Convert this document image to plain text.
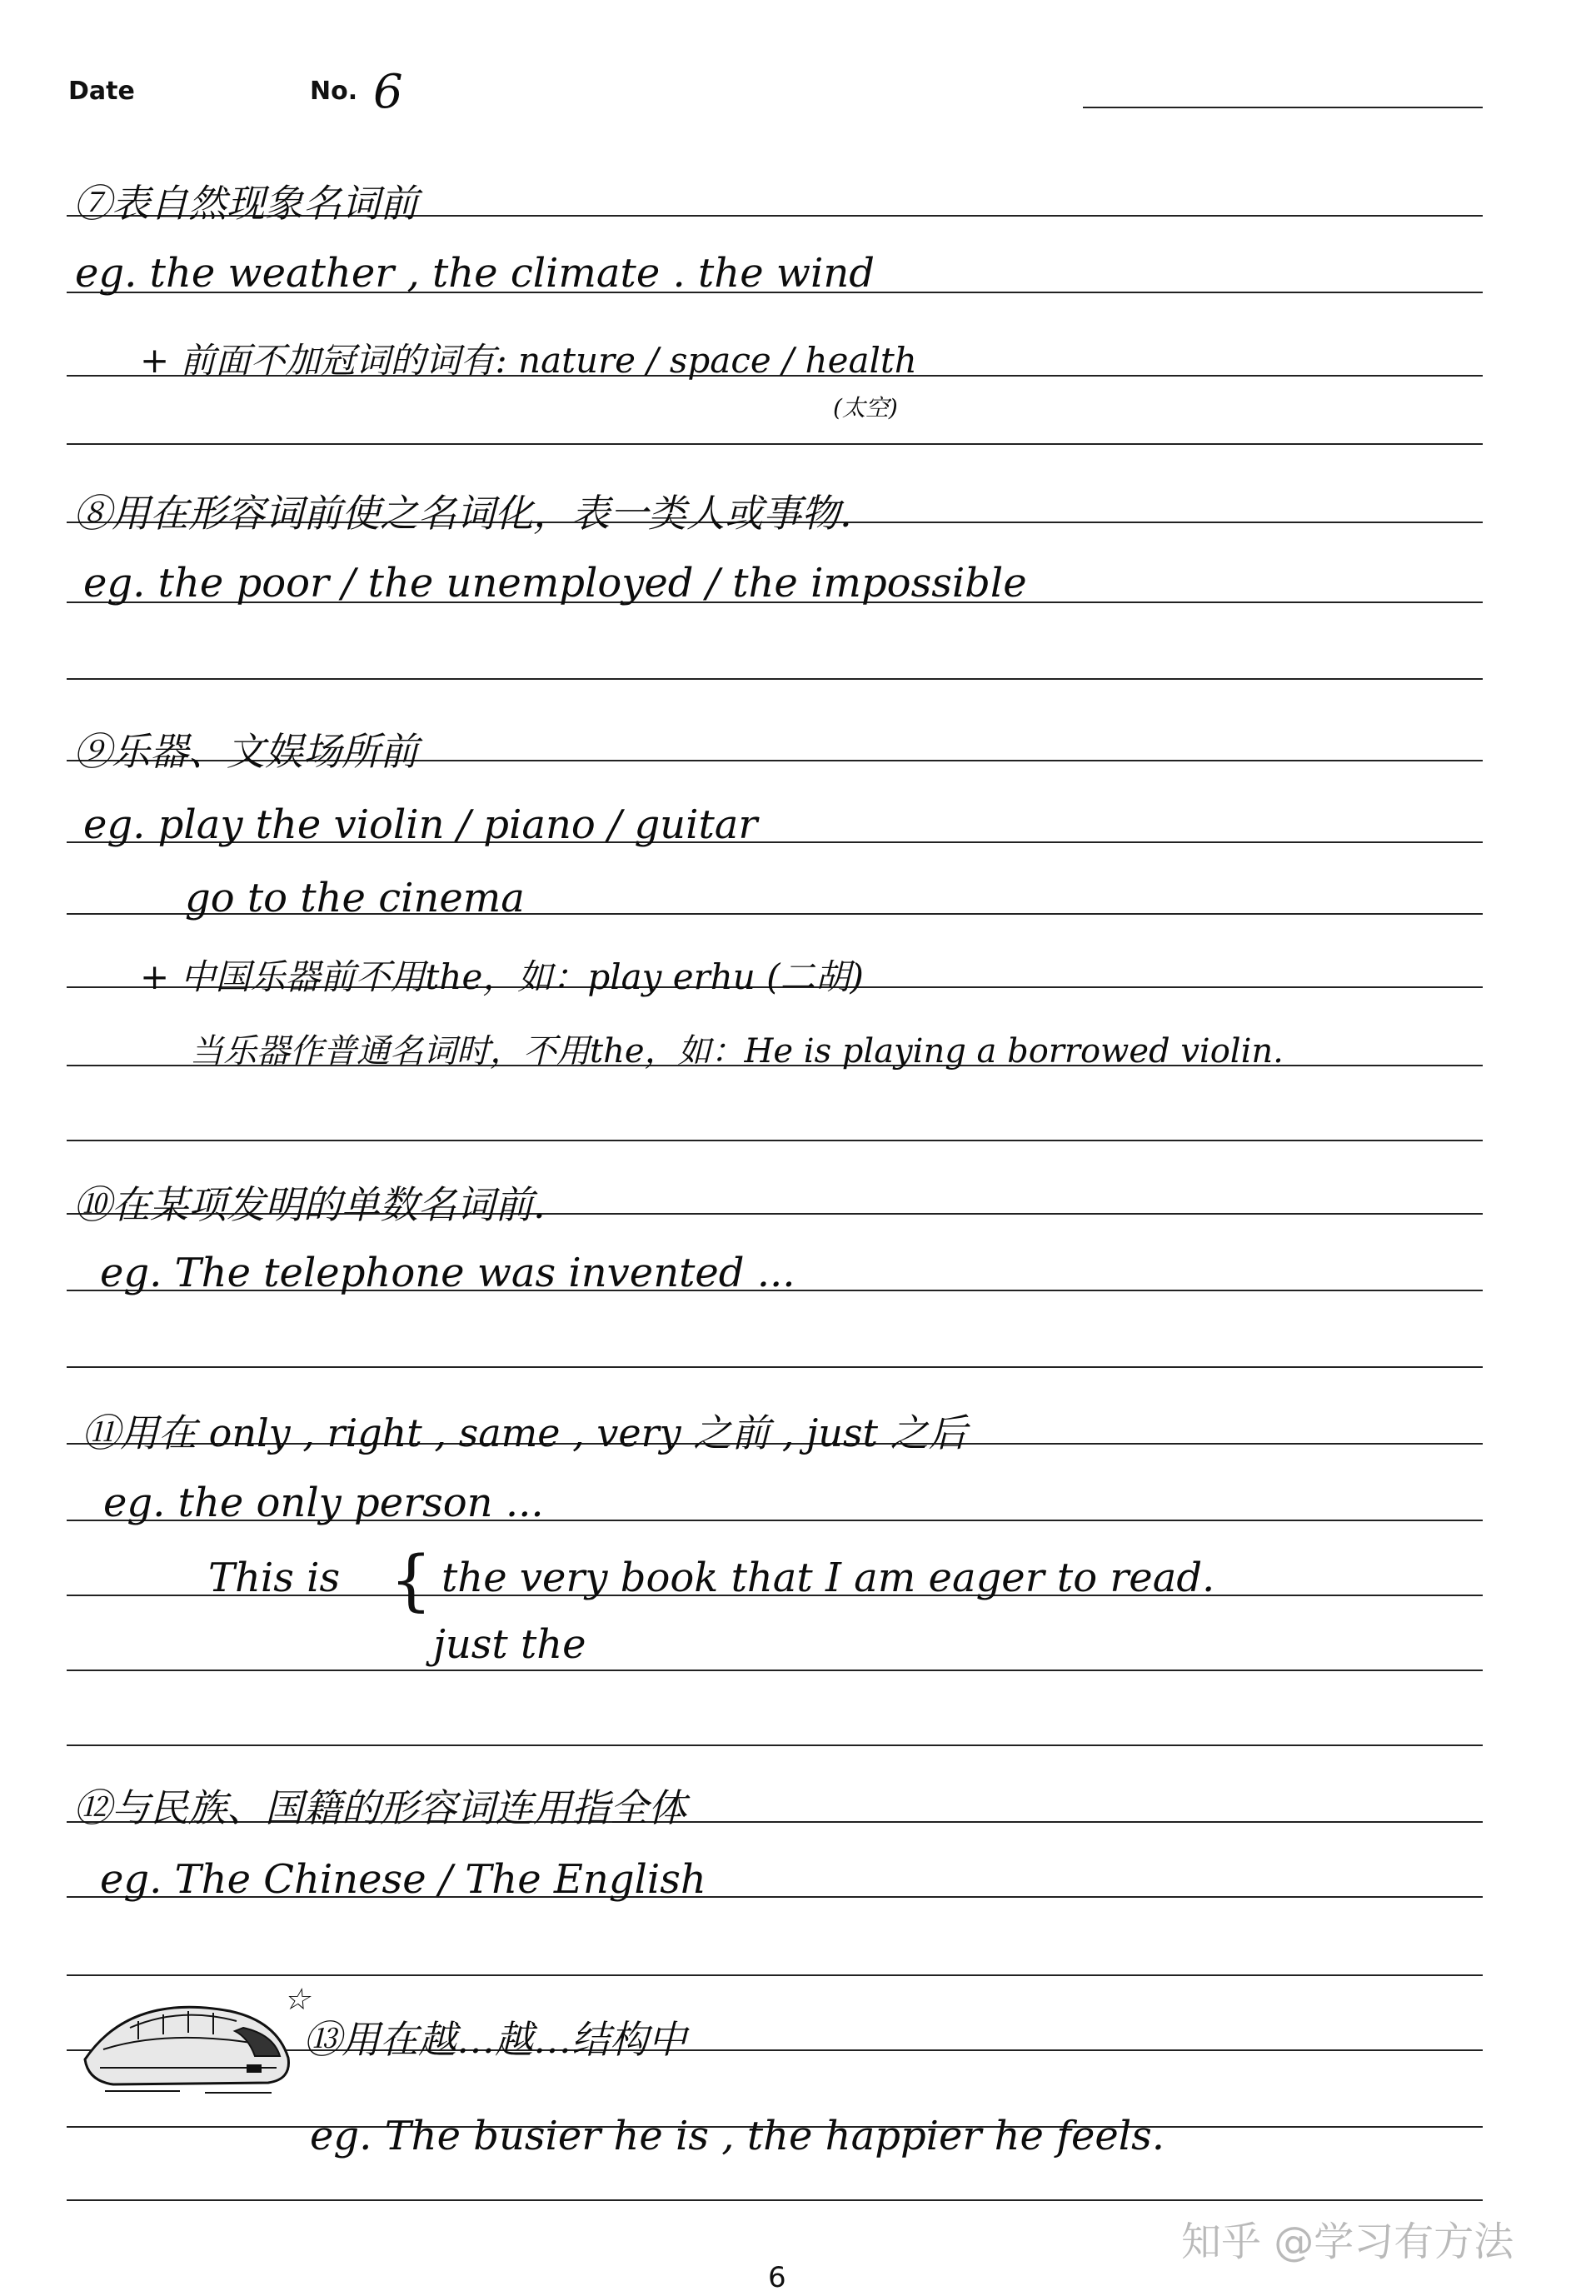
Date	No. 6
⑦表自然现象名词前
eg. the weather , the climate . the wind
+ 前面不加冠词的词有: nature / space / health
(太空)
⑧用在形容词前使之名词化，表一类人或事物.
eg. the poor / the unemployed / the impossible
⑨乐器、文娱场所前
eg. play the violin / piano / guitar
go to the cinema
+ 中国乐器前不用the，如：play erhu (二胡)
当乐器作普通名词时，不用the，如：He is playing a borrowed violin.
⑩在某项发明的单数名词前.
eg. The telephone was invented ...
⑪用在 only , right , same , very 之前 , just 之后
eg. the only person ...
This is { the very book that I am eager to read.
just the
⑫与民族、国籍的形容词连用指全体
eg. The Chinese / The English
☆
⑬用在越…越…结构中
eg. The busier he is , the happier he feels.
知乎 @学习有方法
6
